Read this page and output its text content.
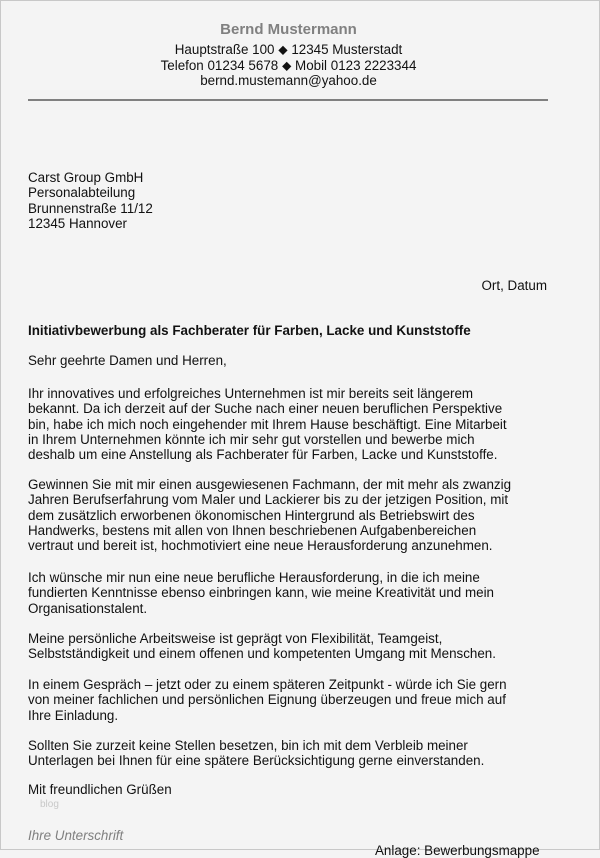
Bernd Mustermann
Hauptstraße 100 ⬥ 12345 Musterstadt
Telefon 01234 5678 ⬥ Mobil 0123 2223344
bernd.mustemann@yahoo.de
Carst Group GmbH
Personalabteilung
Brunnenstraße 11/12
12345 Hannover
Ort, Datum
Initiativbewerbung als Fachberater für Farben, Lacke und Kunststoffe
Sehr geehrte Damen und Herren,
Ihr innovatives und erfolgreiches Unternehmen ist mir bereits seit längerem
bekannt. Da ich derzeit auf der Suche nach einer neuen beruflichen Perspektive
bin, habe ich mich noch eingehender mit Ihrem Hause beschäftigt. Eine Mitarbeit
in Ihrem Unternehmen könnte ich mir sehr gut vorstellen und bewerbe mich
deshalb um eine Anstellung als Fachberater für Farben, Lacke und Kunststoffe.
Gewinnen Sie mit mir einen ausgewiesenen Fachmann, der mit mehr als zwanzig
Jahren Berufserfahrung vom Maler und Lackierer bis zu der jetzigen Position, mit
dem zusätzlich erworbenen ökonomischen Hintergrund als Betriebswirt des
Handwerks, bestens mit allen von Ihnen beschriebenen Aufgabenbereichen
vertraut und bereit ist, hochmotiviert eine neue Herausforderung anzunehmen.
Ich wünsche mir nun eine neue berufliche Herausforderung, in die ich meine
fundierten Kenntnisse ebenso einbringen kann, wie meine Kreativität und mein
Organisationstalent.
Meine persönliche Arbeitsweise ist geprägt von Flexibilität, Teamgeist,
Selbstständigkeit und einem offenen und kompetenten Umgang mit Menschen.
In einem Gespräch – jetzt oder zu einem späteren Zeitpunkt - würde ich Sie gern
von meiner fachlichen und persönlichen Eignung überzeugen und freue mich auf
Ihre Einladung.
Sollten Sie zurzeit keine Stellen besetzen, bin ich mit dem Verbleib meiner
Unterlagen bei Ihnen für eine spätere Berücksichtigung gerne einverstanden.
Mit freundlichen Grüßen
blog
Ihre Unterschrift
Anlage: Bewerbungsmappe
